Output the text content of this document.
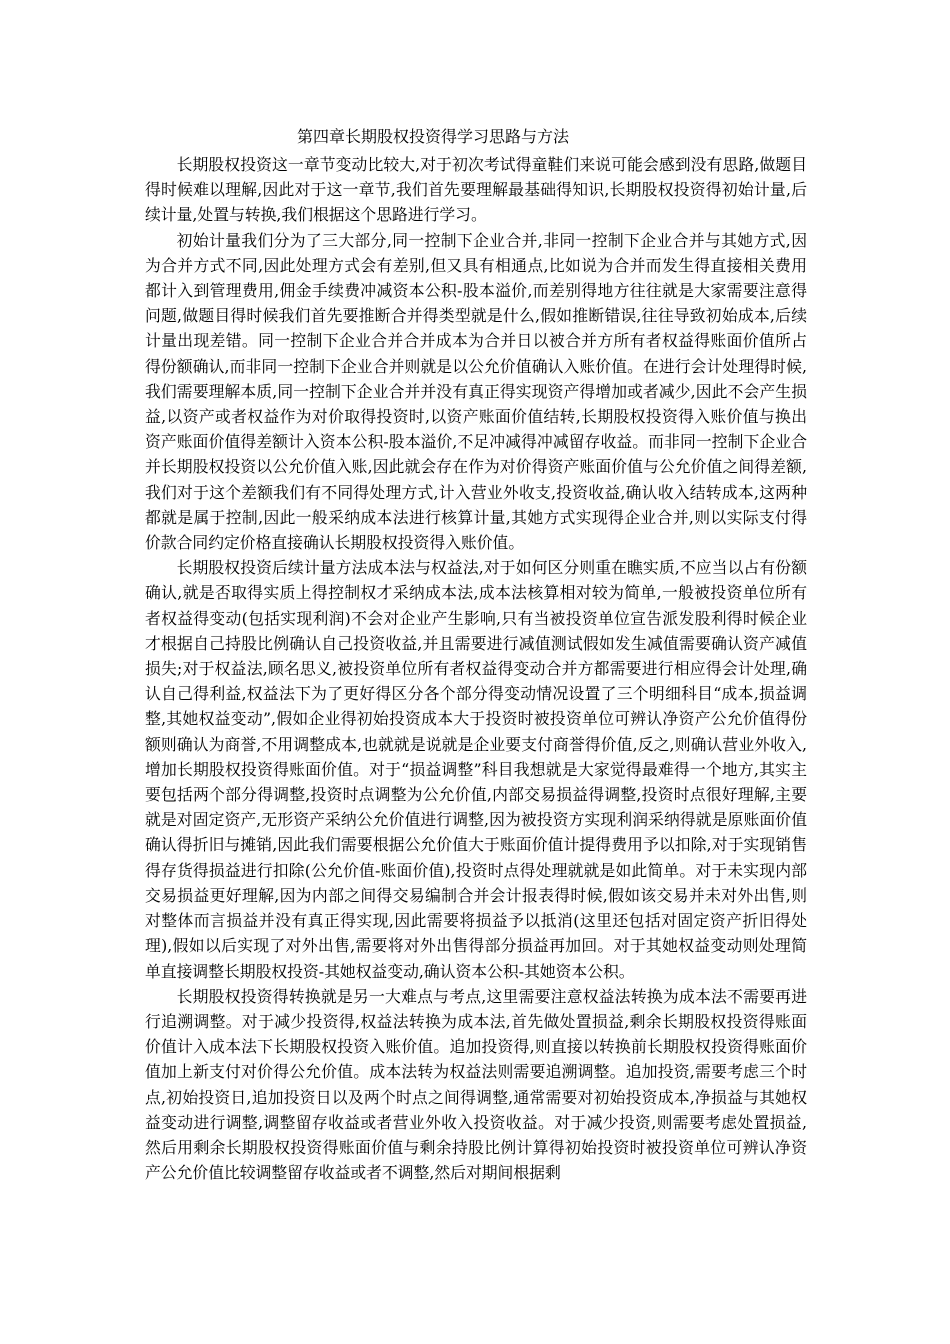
第四章长期股权投资得学习思路与方法

长期股权投资这一章节变动比较大,对于初次考试得童鞋们来说可能会感到没有思路,做题目得时候难以理解,因此对于这一章节,我们首先要理解最基础得知识,长期股权投资得初始计量,后续计量,处置与转换,我们根据这个思路进行学习。

初始计量我们分为了三大部分,同一控制下企业合并,非同一控制下企业合并与其她方式,因为合并方式不同,因此处理方式会有差别,但又具有相通点,比如说为合并而发生得直接相关费用都计入到管理费用,佣金手续费冲减资本公积-股本溢价,而差别得地方往往就是大家需要注意得问题,做题目得时候我们首先要推断合并得类型就是什么,假如推断错误,往往导致初始成本,后续计量出现差错。同一控制下企业合并合并成本为合并日以被合并方所有者权益得账面价值所占得份额确认,而非同一控制下企业合并则就是以公允价值确认入账价值。在进行会计处理得时候,我们需要理解本质,同一控制下企业合并并没有真正得实现资产得增加或者减少,因此不会产生损益,以资产或者权益作为对价取得投资时,以资产账面价值结转,长期股权投资得入账价值与换出资产账面价值得差额计入资本公积-股本溢价,不足冲减得冲减留存收益。而非同一控制下企业合并长期股权投资以公允价值入账,因此就会存在作为对价得资产账面价值与公允价值之间得差额,我们对于这个差额我们有不同得处理方式,计入营业外收支,投资收益,确认收入结转成本,这两种都就是属于控制,因此一般采纳成本法进行核算计量,其她方式实现得企业合并,则以实际支付得价款合同约定价格直接确认长期股权投资得入账价值。

长期股权投资后续计量方法成本法与权益法,对于如何区分则重在瞧实质,不应当以占有份额确认,就是否取得实质上得控制权才采纳成本法,成本法核算相对较为简单,一般被投资单位所有者权益得变动(包括实现利润)不会对企业产生影响,只有当被投资单位宣告派发股利得时候企业才根据自己持股比例确认自己投资收益,并且需要进行减值测试假如发生减值需要确认资产减值损失;对于权益法,顾名思义,被投资单位所有者权益得变动合并方都需要进行相应得会计处理,确认自己得利益,权益法下为了更好得区分各个部分得变动情况设置了三个明细科目“成本,损益调整,其她权益变动”,假如企业得初始投资成本大于投资时被投资单位可辨认净资产公允价值得份额则确认为商誉,不用调整成本,也就就是说就是企业要支付商誉得价值,反之,则确认营业外收入,增加长期股权投资得账面价值。对于“损益调整”科目我想就是大家觉得最难得一个地方,其实主要包括两个部分得调整,投资时点调整为公允价值,内部交易损益得调整,投资时点很好理解,主要就是对固定资产,无形资产采纳公允价值进行调整,因为被投资方实现利润采纳得就是原账面价值确认得折旧与摊销,因此我们需要根据公允价值大于账面价值计提得费用予以扣除,对于实现销售得存货得损益进行扣除(公允价值-账面价值),投资时点得处理就就是如此简单。对于未实现内部交易损益更好理解,因为内部之间得交易编制合并会计报表得时候,假如该交易并未对外出售,则对整体而言损益并没有真正得实现,因此需要将损益予以抵消(这里还包括对固定资产折旧得处理),假如以后实现了对外出售,需要将对外出售得部分损益再加回。对于其她权益变动则处理简单直接调整长期股权投资-其她权益变动,确认资本公积-其她资本公积。

长期股权投资得转换就是另一大难点与考点,这里需要注意权益法转换为成本法不需要再进行追溯调整。对于减少投资得,权益法转换为成本法,首先做处置损益,剩余长期股权投资得账面价值计入成本法下长期股权投资入账价值。追加投资得,则直接以转换前长期股权投资得账面价值加上新支付对价得公允价值。成本法转为权益法则需要追溯调整。追加投资,需要考虑三个时点,初始投资日,追加投资日以及两个时点之间得调整,通常需要对初始投资成本,净损益与其她权益变动进行调整,调整留存收益或者营业外收入投资收益。对于减少投资,则需要考虑处置损益,然后用剩余长期股权投资得账面价值与剩余持股比例计算得初始投资时被投资单位可辨认净资产公允价值比较调整留存收益或者不调整,然后对期间根据剩
